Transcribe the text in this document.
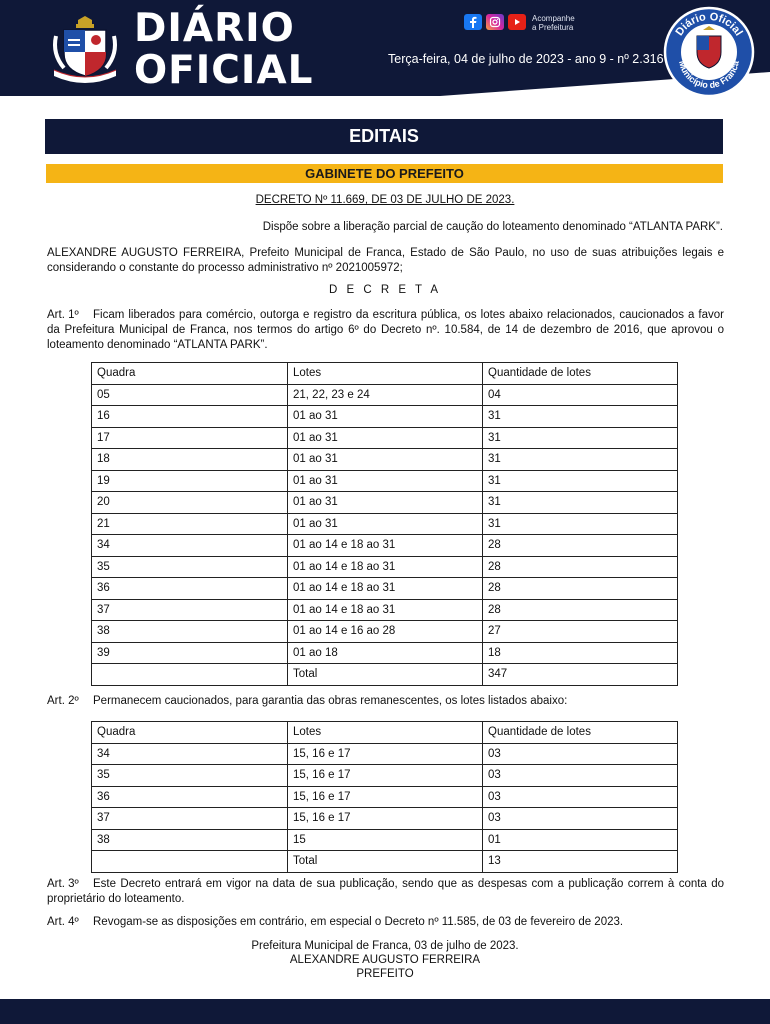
DIÁRIO
OFICIAL
Acompanhe
a Prefeitura
Terça-feira, 04 de julho de 2023 - ano 9 - nº 2.316
Diário Oficial
Município de Franca
EDITAIS
GABINETE DO PREFEITO
DECRETO Nº 11.669, DE 03 DE JULHO DE 2023.
Dispõe sobre a liberação parcial de caução do loteamento denominado “ATLANTA PARK”.
ALEXANDRE AUGUSTO FERREIRA, Prefeito Municipal de Franca, Estado de São Paulo, no uso de suas atribuições legais e considerando o constante do processo administrativo nº 2021005972;
D E C R E T A
Art. 1º Ficam liberados para comércio, outorga e registro da escritura pública, os lotes abaixo relacionados, caucionados a favor da Prefeitura Municipal de Franca, nos termos do artigo 6º do Decreto nº. 10.584, de 14 de dezembro de 2016, que aprovou o loteamento denominado “ATLANTA PARK”.
Quadra	Lotes	Quantidade de lotes
05	21, 22, 23 e 24	04
16	01 ao 31	31
17	01 ao 31	31
18	01 ao 31	31
19	01 ao 31	31
20	01 ao 31	31
21	01 ao 31	31
34	01 ao 14 e 18 ao 31	28
35	01 ao 14 e 18 ao 31	28
36	01 ao 14 e 18 ao 31	28
37	01 ao 14 e 18 ao 31	28
38	01 ao 14 e 16 ao 28	27
39	01 ao 18	18
	Total	347
Art. 2º Permanecem caucionados, para garantia das obras remanescentes, os lotes listados abaixo:
Quadra	Lotes	Quantidade de lotes
34	15, 16 e 17	03
35	15, 16 e 17	03
36	15, 16 e 17	03
37	15, 16 e 17	03
38	15	01
	Total	13
Art. 3º Este Decreto entrará em vigor na data de sua publicação, sendo que as despesas com a publicação correm à conta do proprietário do loteamento.
Art. 4º Revogam-se as disposições em contrário, em especial o Decreto nº 11.585, de 03 de fevereiro de 2023.
Prefeitura Municipal de Franca, 03 de julho de 2023.
ALEXANDRE AUGUSTO FERREIRA
PREFEITO
